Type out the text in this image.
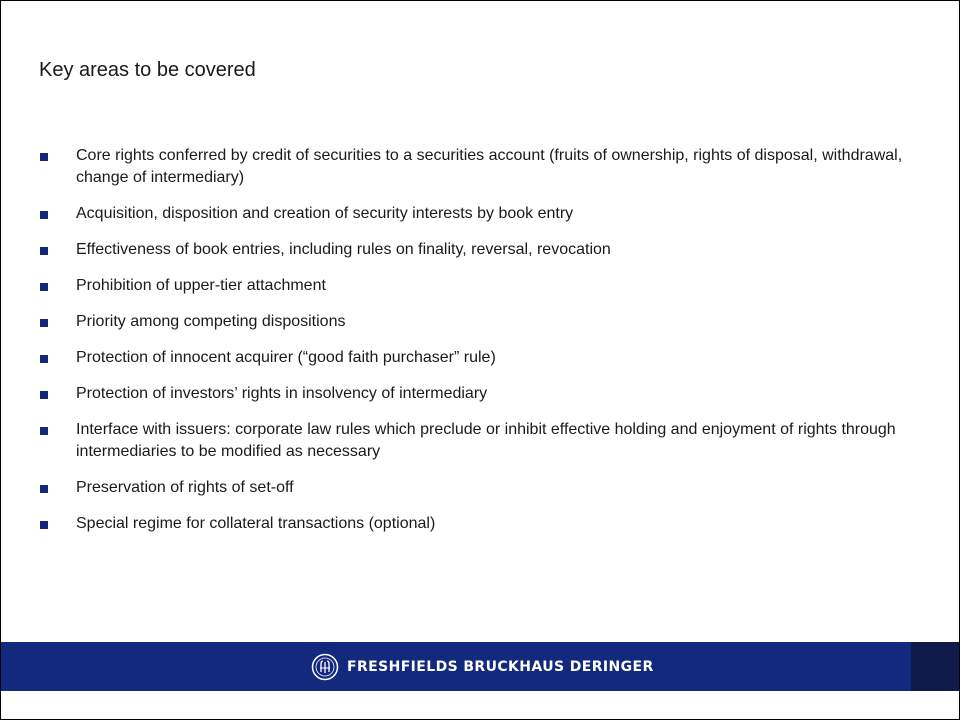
Key areas to be covered
Core rights conferred by credit of securities to a securities account (fruits of ownership, rights of disposal, withdrawal, change of intermediary)
Acquisition, disposition and creation of security interests by book entry
Effectiveness of book entries, including rules on finality, reversal, revocation
Prohibition of upper-tier attachment
Priority among competing dispositions
Protection of innocent acquirer (“good faith purchaser” rule)
Protection of investors’ rights in insolvency of intermediary
Interface with issuers: corporate law rules which preclude or inhibit effective holding and enjoyment of rights through intermediaries to be modified as necessary
Preservation of rights of set-off
Special regime for collateral transactions (optional)
FRESHFIELDS BRUCKHAUS DERINGER
